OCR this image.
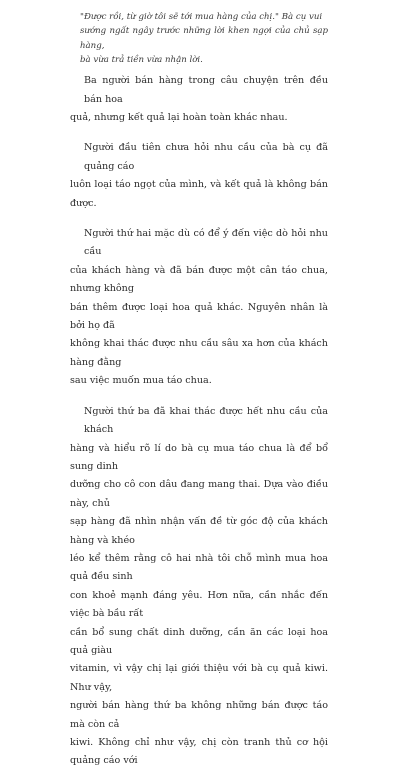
"Được rồi, từ giờ tôi sẽ tới mua hàng của chị." Bà cụ vui
sướng ngất ngây trước những lời khen ngợi của chủ sạp hàng,
bà vừa trả tiền vừa nhận lời.

Ba người bán hàng trong câu chuyện trên đều bán hoa
quả, nhưng kết quả lại hoàn toàn khác nhau.

Người đầu tiên chưa hỏi nhu cầu của bà cụ đã quảng cáo
luôn loại táo ngọt của mình, và kết quả là không bán được.

Người thứ hai mặc dù có để ý đến việc dò hỏi nhu cầu
của khách hàng và đã bán được một cân táo chua, nhưng không
bán thêm được loại hoa quả khác. Nguyên nhân là bởi họ đã
không khai thác được nhu cầu sâu xa hơn của khách hàng đằng
sau việc muốn mua táo chua.

Người thứ ba đã khai thác được hết nhu cầu của khách
hàng và hiểu rõ lí do bà cụ mua táo chua là để bổ sung dinh
dưỡng cho cô con dâu đang mang thai. Dựa vào điều này, chủ
sạp hàng đã nhìn nhận vấn đề từ góc độ của khách hàng và khéo
léo kể thêm rằng cô hai nhà tôi chỗ mình mua hoa quả đều sinh
con khoẻ mạnh đáng yêu. Hơn nữa, cần nhắc đến việc bà bầu rất
cần bổ sung chất dinh dưỡng, cần ăn các loại hoa quả giàu
vitamin, vì vậy chị lại giới thiệu với bà cụ quả kiwi. Như vậy,
người bán hàng thứ ba không những bán được táo mà còn cả
kiwi. Không chỉ như vậy, chị còn tranh thủ cơ hội quảng cáo với
